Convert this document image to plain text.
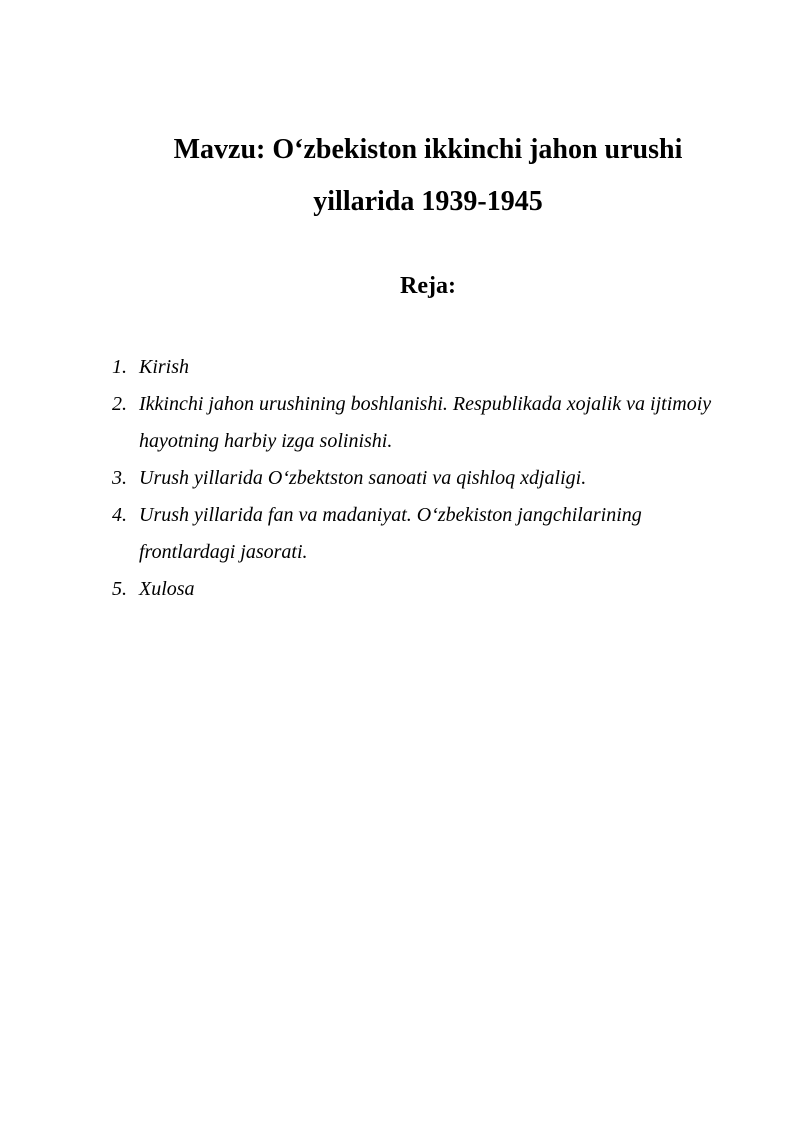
Mavzu: O‘zbekiston ikkinchi jahon urushi
yillarida 1939-1945
Reja:
1. Kirish
2. Ikkinchi jahon urushining boshlanishi. Respublikada xojalik va ijtimoiy hayotning harbiy izga solinishi.
3. Urush yillarida O‘zbektston sanoati va qishloq xdjaligi.
4. Urush yillarida fan va madaniyat. O‘zbekiston jangchilarining frontlardagi jasorati.
5. Xulosa
